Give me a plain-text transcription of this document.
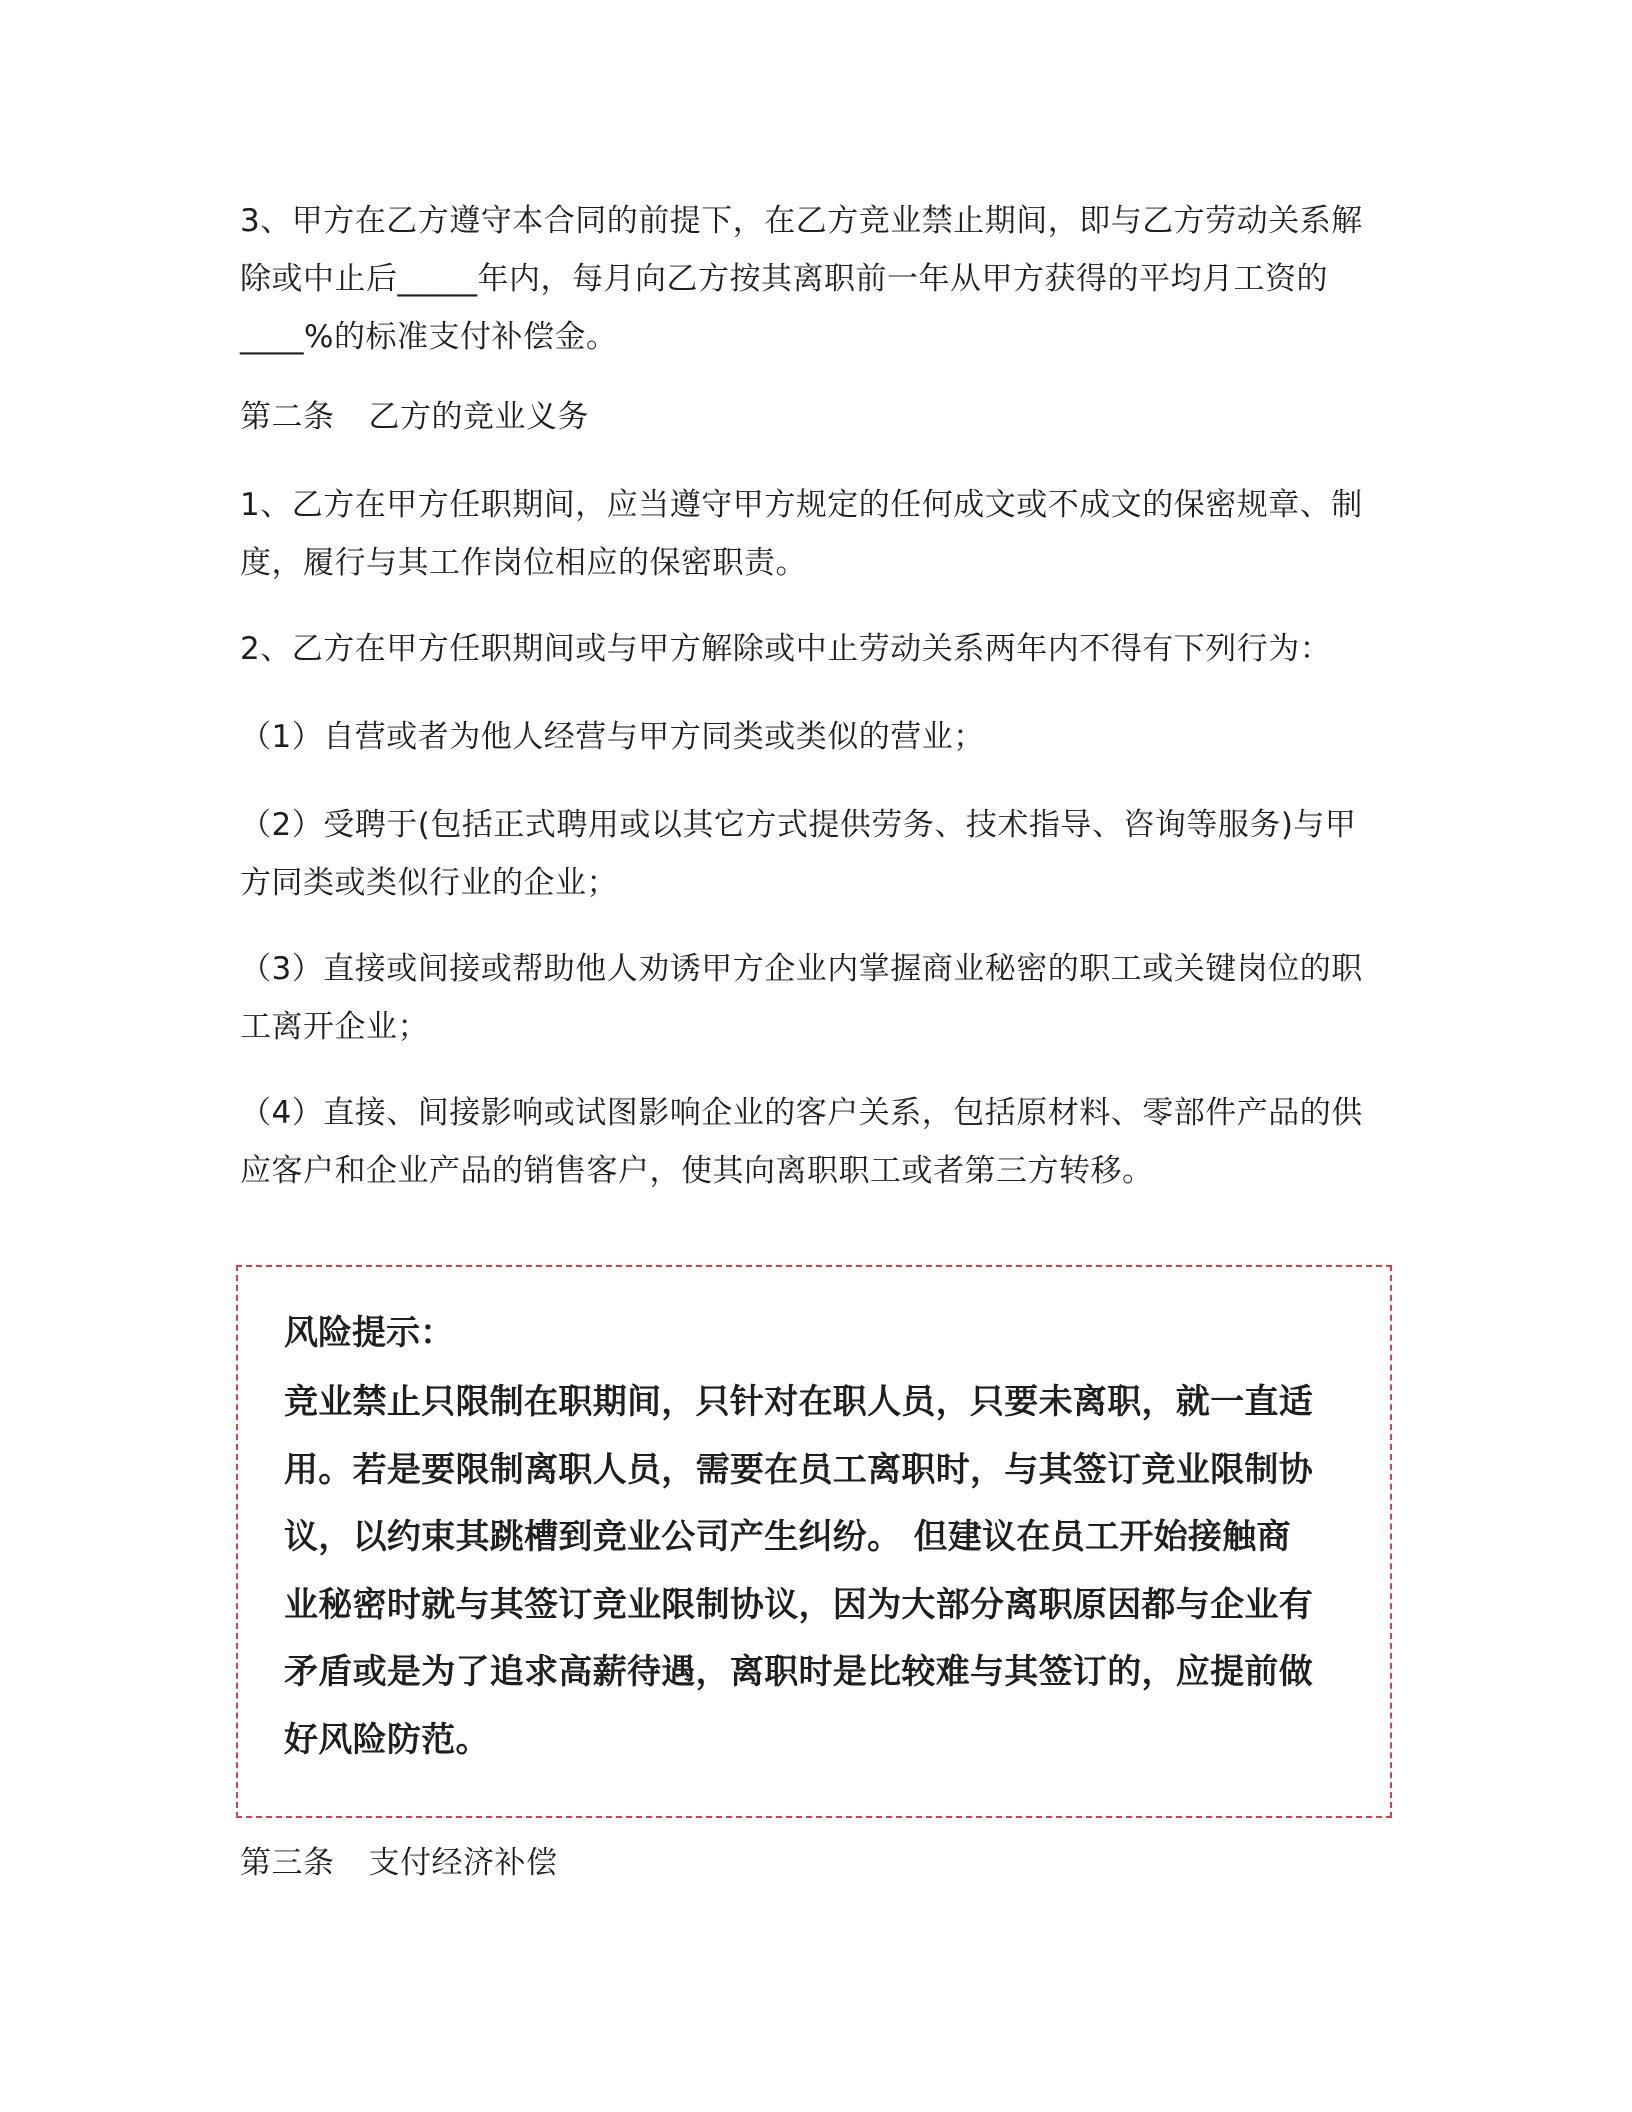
3、甲方在乙方遵守本合同的前提下，在乙方竞业禁止期间，即与乙方劳动关系解除或中止后_____年内，每月向乙方按其离职前一年从甲方获得的平均月工资的____%的标准支付补偿金。

第二条 乙方的竞业义务

1、乙方在甲方任职期间，应当遵守甲方规定的任何成文或不成文的保密规章、制度，履行与其工作岗位相应的保密职责。

2、乙方在甲方任职期间或与甲方解除或中止劳动关系两年内不得有下列行为：

（1）自营或者为他人经营与甲方同类或类似的营业；

（2）受聘于(包括正式聘用或以其它方式提供劳务、技术指导、咨询等服务)与甲方同类或类似行业的企业；

（3）直接或间接或帮助他人劝诱甲方企业内掌握商业秘密的职工或关键岗位的职工离开企业；

（4）直接、间接影响或试图影响企业的客户关系，包括原材料、零部件产品的供应客户和企业产品的销售客户，使其向离职职工或者第三方转移。

风险提示：

竞业禁止只限制在职期间，只针对在职人员，只要未离职，就一直适用。若是要限制离职人员，需要在员工离职时，与其签订竞业限制协议，以约束其跳槽到竞业公司产生纠纷。 但建议在员工开始接触商业秘密时就与其签订竞业限制协议，因为大部分离职原因都与企业有矛盾或是为了追求高薪待遇，离职时是比较难与其签订的，应提前做好风险防范。

第三条 支付经济补偿
